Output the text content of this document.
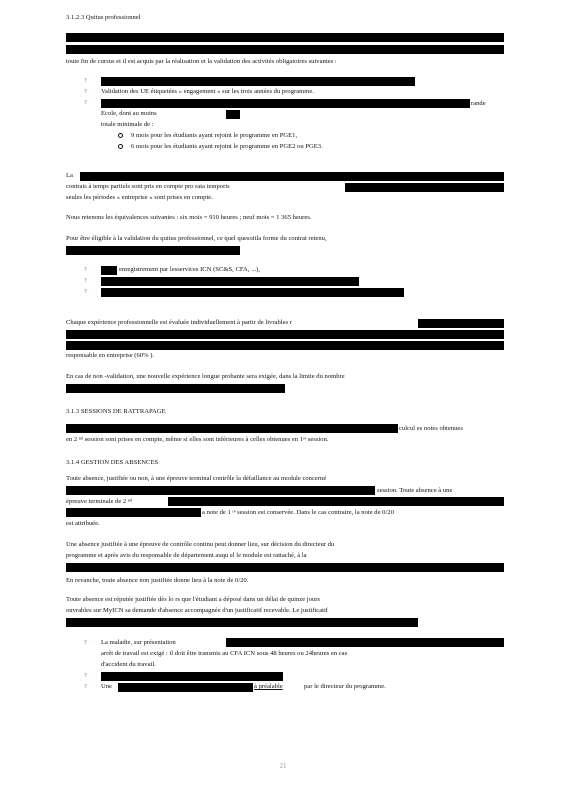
3.1.2.3 Quitus professionnel
toute fin de cursus et il est acquis par la réalisation et la validation des activités obligatoires suivantes :
?
? Validation des UE étiquetées « engagement » sur les trois années du programme.
?	rande
Ecole, dont au moins
totale minimale de :
9 mois pour les étudiants ayant rejoint le programme en PGE1,
6 mois pour les étudiants ayant rejoint le programme en PGE2 ou PGE3.
La
contrats à temps partiels sont pris en compte pro rata temporis
seules les périodes « entreprise » sont prises en compte.
Nous retenons les équivalences suivantes : six mois = 910 heures ; neuf mois = 1 365 heures.
Pour être éligible à la validation du quitus professionnel, ce quel quesoitla forme du contrat retenu,
?	enregistrement par lesservices ICN (SC&S, CFA, ...),
?
?
Chaque expérience professionnelle est évaluée individuellement à partir de livrables r
responsable en entreprise (60% ).
En cas de non -validation, une nouvelle expérience longue probante sera exigée, dans la limite du nombre
3.1.3 SESSIONS DE RATTRAPAGE
culcul es notes obtenues
en 2 ⁿᵈ session sont prises en compte, même si elles sont inférieures à celles obtenues en 1ʳᵉ session.
3.1.4 GESTION DES ABSENCES
Toute absence, justifiée ou non, à une épreuve terminal contrôle la défaillance au module concerné
session. Toute absence à une
épreuve terminale de 2 ⁿᵈ
a note de 1 ʳᵉ session est conservée. Dans le cas contraire, la note de 0/20
est attribuée.
Une absence justifiée à une épreuve de contrôle continu peut donner lieu, sur décision du directeur du
programme et après avis du responsable de département auqu el le module est rattaché, à la
En revanche, toute absence non justifiée donne lieu à la note de 0/20.
Toute absence est réputée justifiée dès lo rs que l'étudiant a déposé dans un délai de quinze jours
ouvrables sur MyICN sa demande d'absence accompagnée d'un justificatif recevable. Le justificatif
? La maladie, sur présentation
arrêt de travail est exigé : il doit être transmis au CFA ICN sous 48 heures ou 24heures en cas
d'accident du travail.
?
? Une	à préalable	par le directeur du programme.
21
